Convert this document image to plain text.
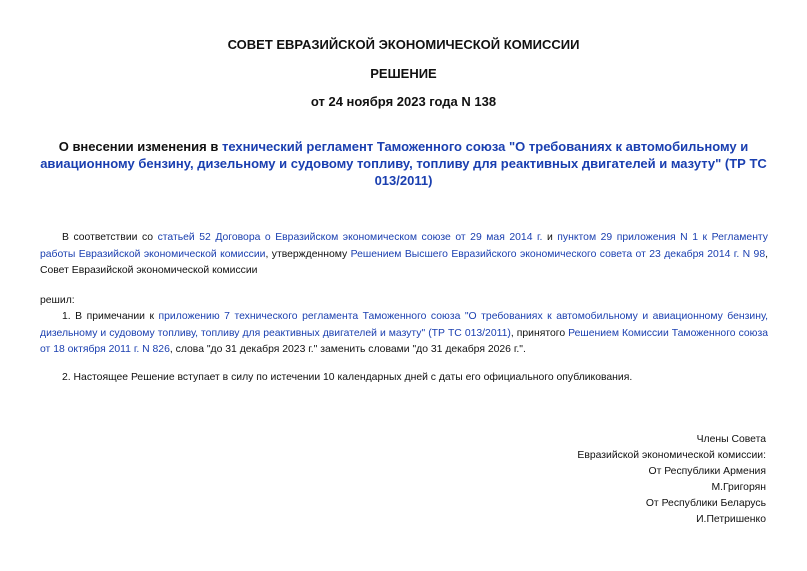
СОВЕТ ЕВРАЗИЙСКОЙ ЭКОНОМИЧЕСКОЙ КОМИССИИ
РЕШЕНИЕ
от 24 ноября 2023 года N 138
О внесении изменения в технический регламент Таможенного союза "О требованиях к автомобильному и авиационному бензину, дизельному и судовому топливу, топливу для реактивных двигателей и мазуту" (ТР ТС 013/2011)
В соответствии со статьей 52 Договора о Евразийском экономическом союзе от 29 мая 2014 г. и пунктом 29 приложения N 1 к Регламенту работы Евразийской экономической комиссии, утвержденному Решением Высшего Евразийского экономического совета от 23 декабря 2014 г. N 98, Совет Евразийской экономической комиссии
решил:
1. В примечании к приложению 7 технического регламента Таможенного союза "О требованиях к автомобильному и авиационному бензину, дизельному и судовому топливу, топливу для реактивных двигателей и мазуту" (ТР ТС 013/2011), принятого Решением Комиссии Таможенного союза от 18 октября 2011 г. N 826, слова "до 31 декабря 2023 г." заменить словами "до 31 декабря 2026 г.".
2. Настоящее Решение вступает в силу по истечении 10 календарных дней с даты его официального опубликования.
Члены Совета
Евразийской экономической комиссии:
От Республики Армения
М.Григорян
От Республики Беларусь
И.Петришенко
